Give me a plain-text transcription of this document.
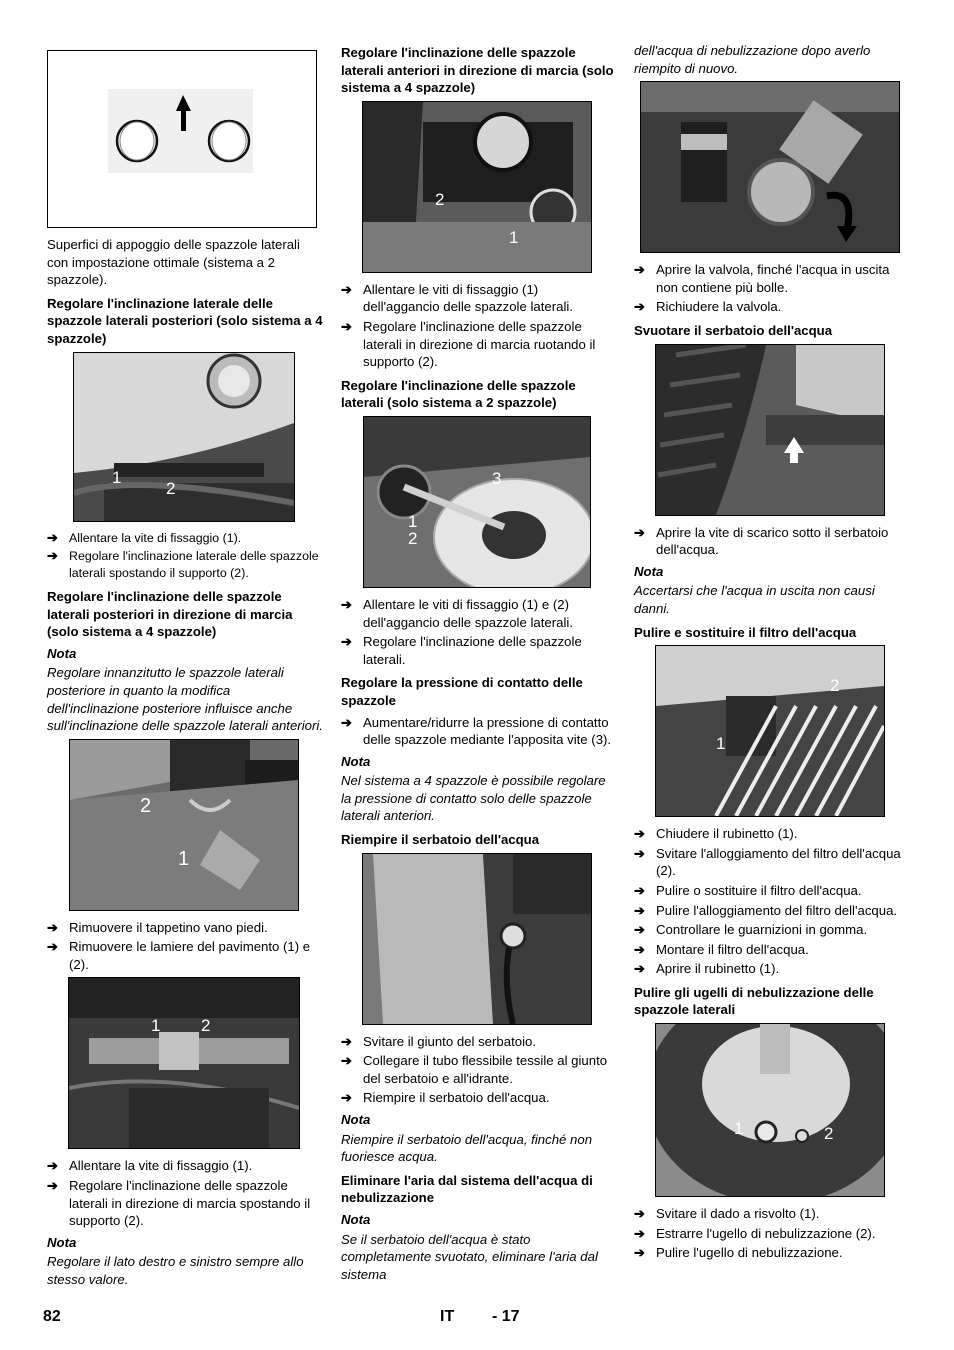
Superfici di appoggio delle spazzole laterali con impostazione ottimale (sistema a 2 spazzole).

Regolare l'inclinazione laterale delle spazzole laterali posteriori (solo sistema a 4 spazzole)

1
2
➔ Allentare la vite di fissaggio (1).
➔ Regolare l'inclinazione laterale delle spazzole laterali spostando il supporto (2).

Regolare l'inclinazione delle spazzole laterali posteriori in direzione di marcia (solo sistema a 4 spazzole)

Nota

Regolare innanzitutto le spazzole laterali posteriore in quanto la modifica dell'inclinazione posteriore influisce anche sull'inclinazione delle spazzole laterali anteriori.

2
1
➔ Rimuovere il tappetino vano piedi.
➔ Rimuovere le lamiere del pavimento (1) e (2).
1 2
➔ Allentare la vite di fissaggio (1).
➔ Regolare l'inclinazione delle spazzole laterali in direzione di marcia spostando il supporto (2).

Nota

Regolare il lato destro e sinistro sempre allo stesso valore.

Regolare l'inclinazione delle spazzole laterali anteriori in direzione di marcia (solo sistema a 4 spazzole)

2
1
➔ Allentare le viti di fissaggio (1) dell'aggancio delle spazzole laterali.
➔ Regolare l'inclinazione delle spazzole laterali in direzione di marcia ruotando il supporto (2).

Regolare l'inclinazione delle spazzole laterali (solo sistema a 2 spazzole)

3
1
2
➔ Allentare le viti di fissaggio (1) e (2) dell'aggancio delle spazzole laterali.
➔ Regolare l'inclinazione delle spazzole laterali.

Regolare la pressione di contatto delle spazzole

➔ Aumentare/ridurre la pressione di contatto delle spazzole mediante l'apposita vite (3).

Nota

Nel sistema a 4 spazzole è possibile regolare la pressione di contatto solo delle spazzole laterali anteriori.

Riempire il serbatoio dell'acqua

➔ Svitare il giunto del serbatoio.
➔ Collegare il tubo flessibile tessile al giunto del serbatoio e all'idrante.
➔ Riempire il serbatoio dell'acqua.

Nota

Riempire il serbatoio dell'acqua, finché non fuoriesce acqua.

Eliminare l'aria dal sistema dell'acqua di nebulizzazione

Nota

Se il serbatoio dell'acqua è stato completamente svuotato, eliminare l'aria dal sistema

dell'acqua di nebulizzazione dopo averlo riempito di nuovo.

➔ Aprire la valvola, finché l'acqua in uscita non contiene più bolle.
➔ Richiudere la valvola.

Svuotare il serbatoio dell'acqua

➔ Aprire la vite di scarico sotto il serbatoio dell'acqua.

Nota

Accertarsi che l'acqua in uscita non causi danni.

Pulire e sostituire il filtro dell'acqua

2
1
➔ Chiudere il rubinetto (1).
➔ Svitare l'alloggiamento del filtro dell'acqua (2).
➔ Pulire o sostituire il filtro dell'acqua.
➔ Pulire l'alloggiamento del filtro dell'acqua.
➔ Controllare le guarnizioni in gomma.
➔ Montare il filtro dell'acqua.
➔ Aprire il rubinetto (1).

Pulire gli ugelli di nebulizzazione delle spazzole laterali

1	2
➔ Svitare il dado a risvolto (1).
➔ Estrarre l'ugello di nebulizzazione (2).
➔ Pulire l'ugello di nebulizzazione.
82	IT - 17
